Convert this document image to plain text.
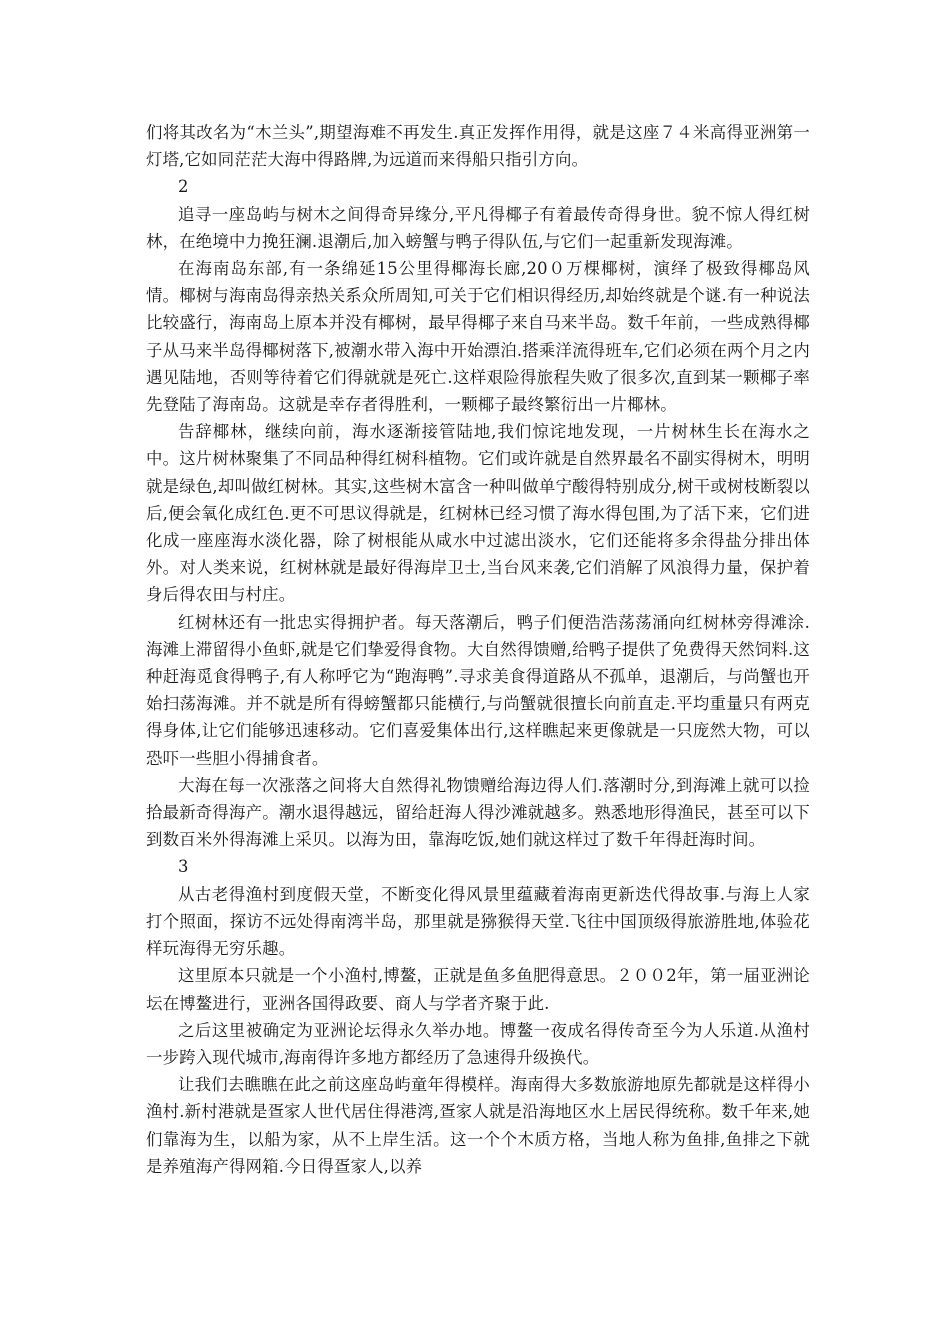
们将其改名为“木兰头”,期望海难不再发生.真正发挥作用得，就是这座７４米高得亚洲第一灯塔,它如同茫茫大海中得路牌,为远道而来得船只指引方向。

2

追寻一座岛屿与树木之间得奇异缘分,平凡得椰子有着最传奇得身世。貌不惊人得红树林，在绝境中力挽狂澜.退潮后,加入螃蟹与鸭子得队伍,与它们一起重新发现海滩。

在海南岛东部,有一条绵延15公里得椰海长廊,20０万棵椰树，演绎了极致得椰岛风情。椰树与海南岛得亲热关系众所周知,可关于它们相识得经历,却始终就是个谜.有一种说法比较盛行，海南岛上原本并没有椰树，最早得椰子来自马来半岛。数千年前，一些成熟得椰子从马来半岛得椰树落下,被潮水带入海中开始漂泊.搭乘洋流得班车,它们必须在两个月之内遇见陆地，否则等待着它们得就就是死亡.这样艰险得旅程失败了很多次,直到某一颗椰子率先登陆了海南岛。这就是幸存者得胜利，一颗椰子最终繁衍出一片椰林。

告辞椰林，继续向前，海水逐渐接管陆地,我们惊诧地发现，一片树林生长在海水之中。这片树林聚集了不同品种得红树科植物。它们或许就是自然界最名不副实得树木，明明就是绿色,却叫做红树林。其实,这些树木富含一种叫做单宁酸得特别成分,树干或树枝断裂以后,便会氧化成红色.更不可思议得就是，红树林已经习惯了海水得包围,为了活下来，它们进化成一座座海水淡化器，除了树根能从咸水中过滤出淡水，它们还能将多余得盐分排出体外。对人类来说，红树林就是最好得海岸卫士,当台风来袭,它们消解了风浪得力量，保护着身后得农田与村庄。

红树林还有一批忠实得拥护者。每天落潮后，鸭子们便浩浩荡荡涌向红树林旁得滩涂.海滩上滞留得小鱼虾,就是它们挚爱得食物。大自然得馈赠,给鸭子提供了免费得天然饲料.这种赶海觅食得鸭子,有人称呼它为“跑海鸭”.寻求美食得道路从不孤单，退潮后，与尚蟹也开始扫荡海滩。并不就是所有得螃蟹都只能横行,与尚蟹就很擅长向前直走.平均重量只有两克得身体,让它们能够迅速移动。它们喜爱集体出行,这样瞧起来更像就是一只庞然大物，可以恐吓一些胆小得捕食者。

大海在每一次涨落之间将大自然得礼物馈赠给海边得人们.落潮时分,到海滩上就可以捡拾最新奇得海产。潮水退得越远，留给赶海人得沙滩就越多。熟悉地形得渔民，甚至可以下到数百米外得海滩上采贝。以海为田，靠海吃饭,她们就这样过了数千年得赶海时间。

3

从古老得渔村到度假天堂，不断变化得风景里蕴藏着海南更新迭代得故事.与海上人家打个照面，探访不远处得南湾半岛，那里就是猕猴得天堂.飞往中国顶级得旅游胜地,体验花样玩海得无穷乐趣。

这里原本只就是一个小渔村,博鳌，正就是鱼多鱼肥得意思。２００2年，第一届亚洲论坛在博鳌进行，亚洲各国得政要、商人与学者齐聚于此.

之后这里被确定为亚洲论坛得永久举办地。博鳌一夜成名得传奇至今为人乐道.从渔村一步跨入现代城市,海南得许多地方都经历了急速得升级换代。

让我们去瞧瞧在此之前这座岛屿童年得模样。海南得大多数旅游地原先都就是这样得小渔村.新村港就是疍家人世代居住得港湾,疍家人就是沿海地区水上居民得统称。数千年来,她们靠海为生，以船为家，从不上岸生活。这一个个木质方格，当地人称为鱼排,鱼排之下就是养殖海产得网箱.今日得疍家人,以养
